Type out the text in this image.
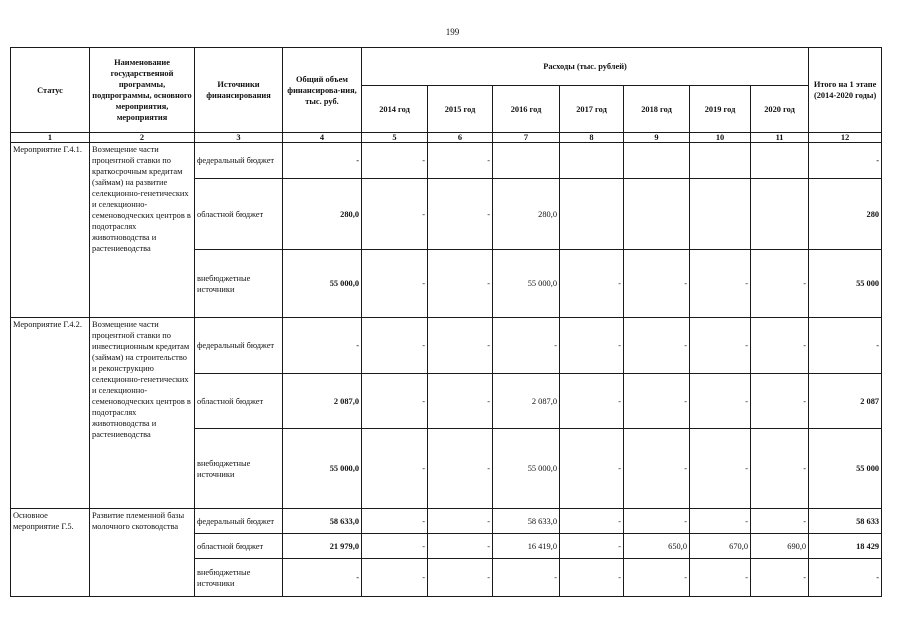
199
Статус	Наименование государственной программы, подпрограммы, основного мероприятия, мероприятия	Источники финансирования	Общий объем финансирова-ния, тыс. руб.	Расходы (тыс. рублей)							Итого на 1 этапе (2014-2020 годы)
				2014 год	2015 год	2016 год	2017 год	2018 год	2019 год	2020 год	
1	2	3	4	5	6	7	8	9	10	11	12
Мероприятие Г.4.1.	Возмещение части процентной ставки по краткосрочным кредитам (займам) на развитие селекционно-генетических и селекционно-семеноводческих центров в подотраслях животноводства и растениеводства	федеральный бюджет	-	-	-						-
		областной бюджет	280,0	-	-	280,0					280
		внебюджетные источники	55 000,0	-	-	55 000,0	-	-	-	-	55 000
Мероприятие Г.4.2.	Возмещение части процентной ставки по инвестиционным кредитам (займам) на строительство и реконструкцию селекционно-генетических и селекционно-семеноводческих центров в подотраслях животноводства и растениеводства	федеральный бюджет	-	-	-	-	-	-	-	-	-
		областной бюджет	2 087,0	-	-	2 087,0	-	-	-	-	2 087
		внебюджетные источники	55 000,0	-	-	55 000,0	-	-	-	-	55 000
Основное мероприятие Г.5.	Развитие племенной базы молочного скотоводства	федеральный бюджет	58 633,0	-	-	58 633,0	-	-	-	-	58 633
		областной бюджет	21 979,0	-	-	16 419,0	-	650,0	670,0	690,0	18 429
		внебюджетные источники	-	-	-	-	-	-	-	-	-
